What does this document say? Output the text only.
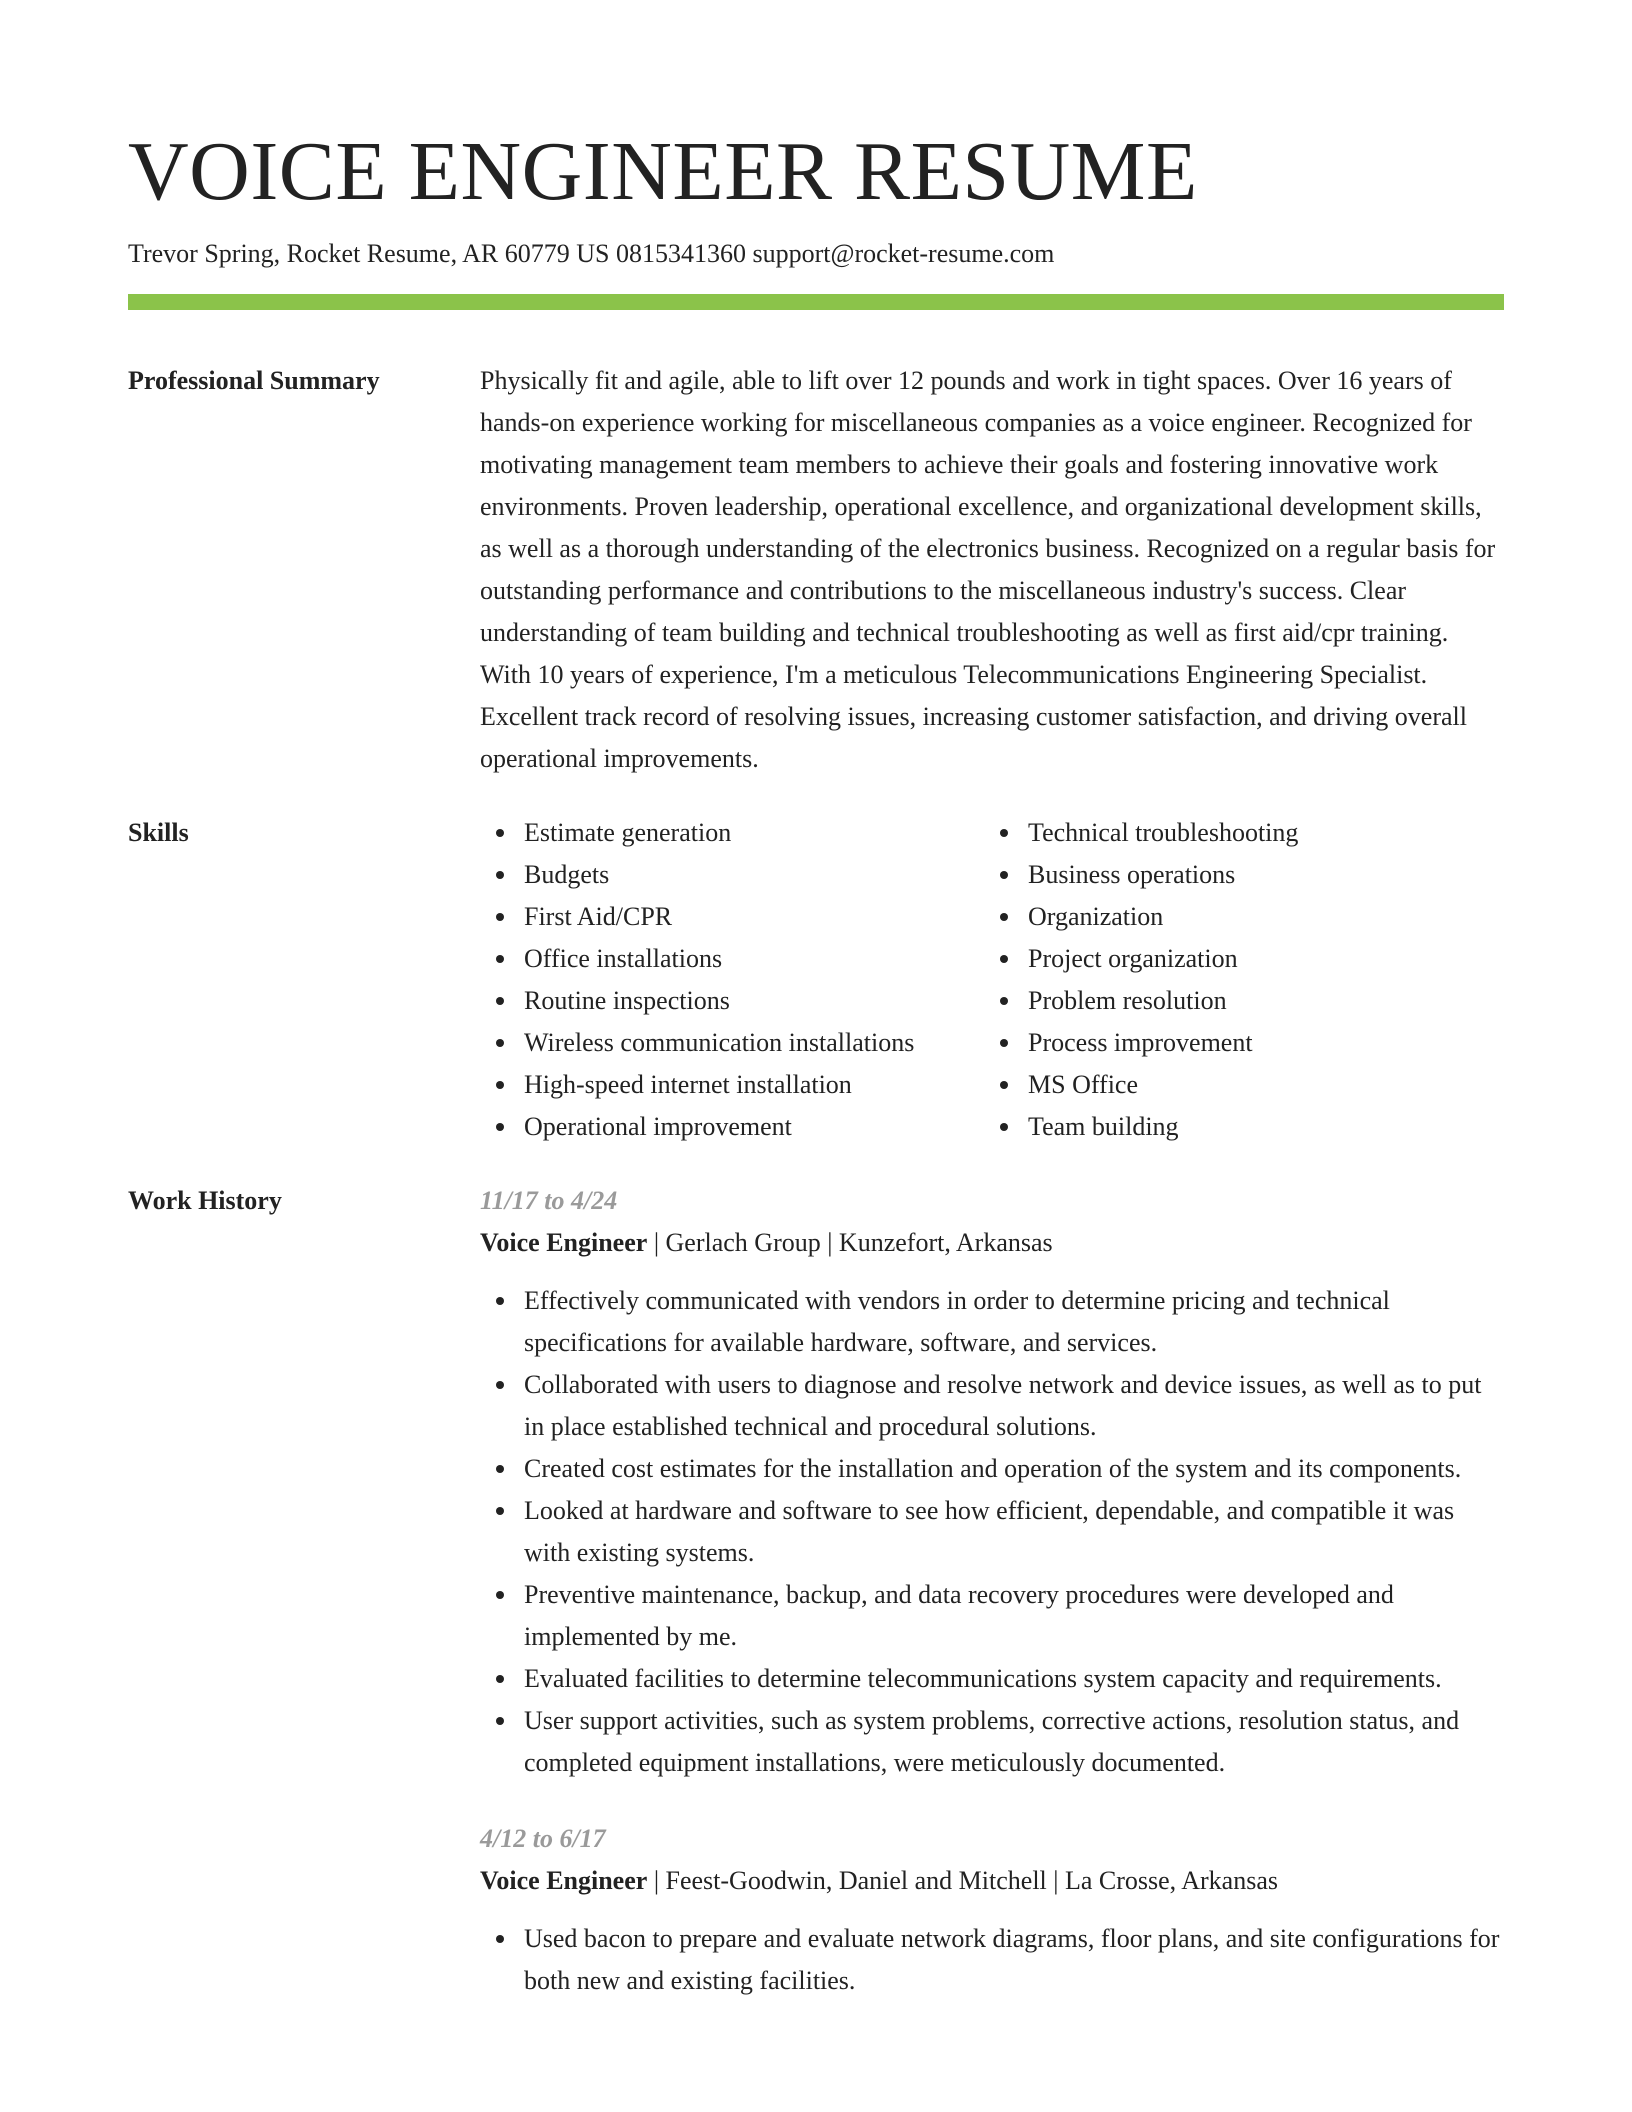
VOICE ENGINEER RESUME
Trevor Spring, Rocket Resume, AR 60779 US 0815341360 support@rocket-resume.com
Professional Summary	Physically fit and agile, able to lift over 12 pounds and work in tight spaces. Over 16 years of hands-on experience working for miscellaneous companies as a voice engineer. Recognized for motivating management team members to achieve their goals and fostering innovative work environments. Proven leadership, operational excellence, and organizational development skills, as well as a thorough understanding of the electronics business. Recognized on a regular basis for outstanding performance and contributions to the miscellaneous industry's success. Clear understanding of team building and technical troubleshooting as well as first aid/cpr training. With 10 years of experience, I'm a meticulous Telecommunications Engineering Specialist. Excellent track record of resolving issues, increasing customer satisfaction, and driving overall operational improvements.

Skills	Estimate generation
Budgets
First Aid/CPR
Office installations
Routine inspections
Wireless communication installations
High-speed internet installation
Operational improvement
Technical troubleshooting
Business operations
Organization
Project organization
Problem resolution
Process improvement
MS Office
Team building
Work History	11/17 to 4/24
Voice Engineer | Gerlach Group | Kunzefort, Arkansas
Effectively communicated with vendors in order to determine pricing and technical specifications for available hardware, software, and services.
Collaborated with users to diagnose and resolve network and device issues, as well as to put in place established technical and procedural solutions.
Created cost estimates for the installation and operation of the system and its components.
Looked at hardware and software to see how efficient, dependable, and compatible it was with existing systems.
Preventive maintenance, backup, and data recovery procedures were developed and implemented by me.
Evaluated facilities to determine telecommunications system capacity and requirements.
User support activities, such as system problems, corrective actions, resolution status, and completed equipment installations, were meticulously documented.
4/12 to 6/17
Voice Engineer | Feest-Goodwin, Daniel and Mitchell | La Crosse, Arkansas
Used bacon to prepare and evaluate network diagrams, floor plans, and site configurations for both new and existing facilities.
